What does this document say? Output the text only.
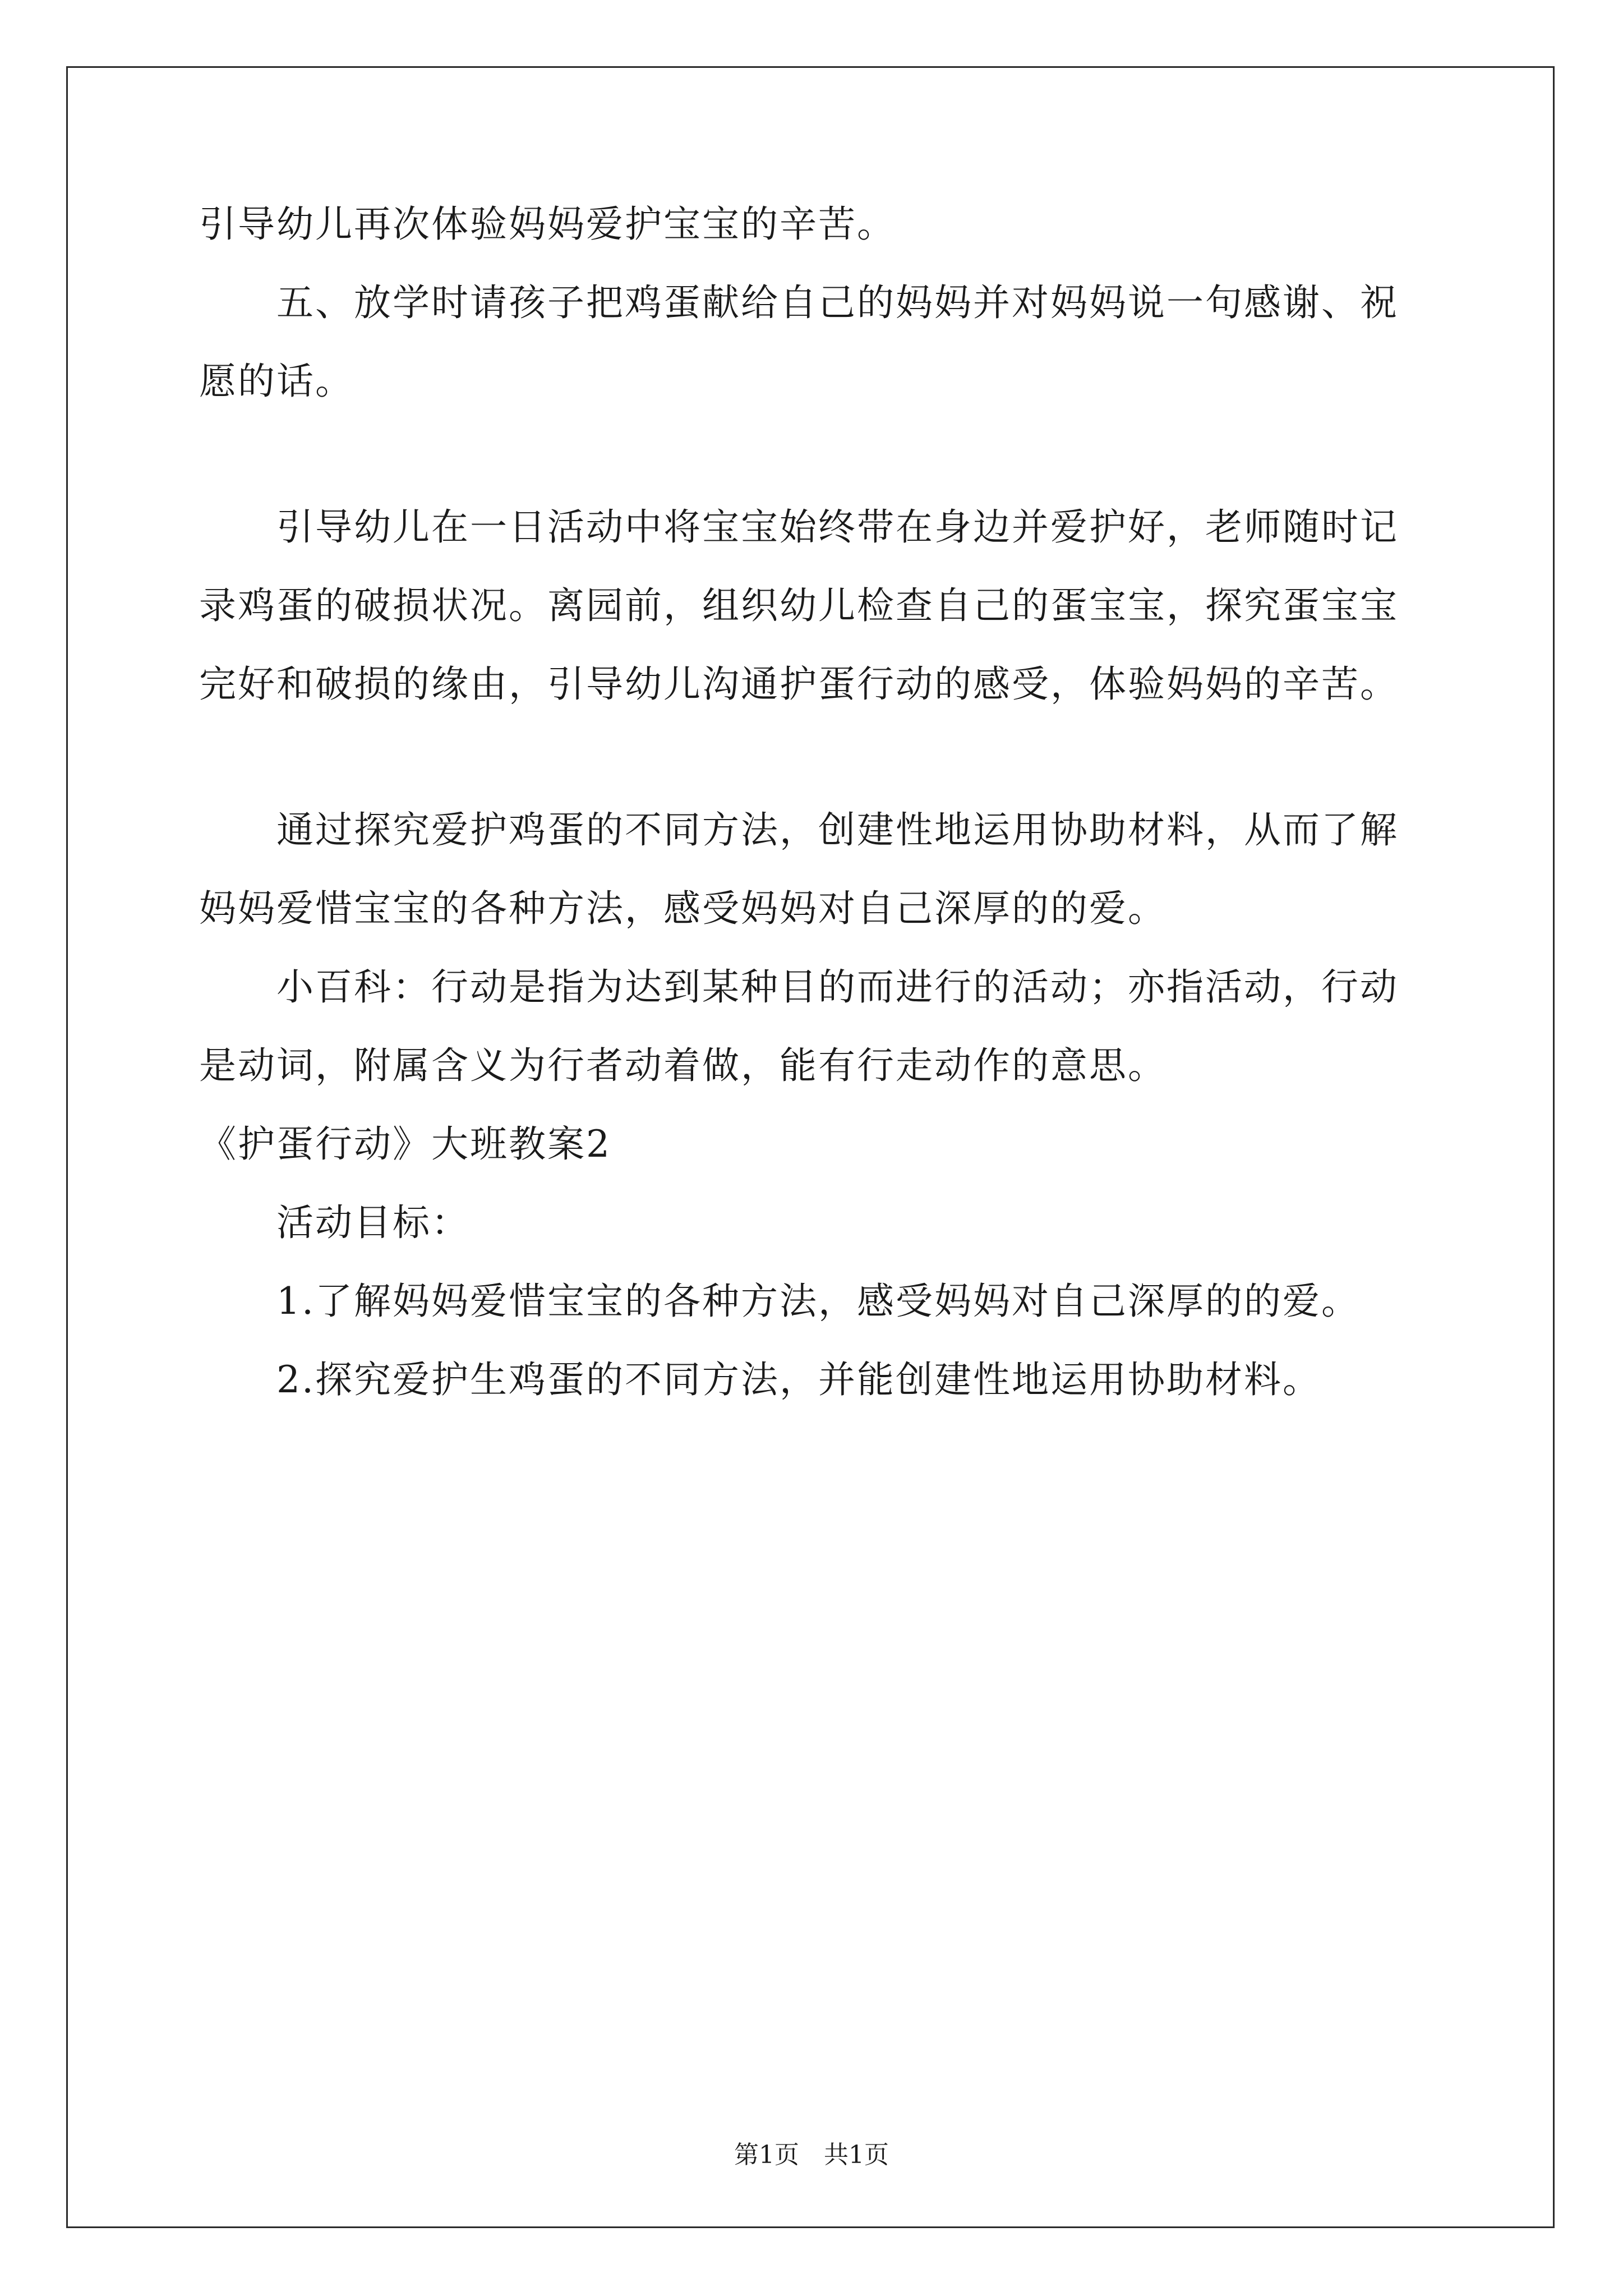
引导幼儿再次体验妈妈爱护宝宝的辛苦。

五、放学时请孩子把鸡蛋献给自己的妈妈并对妈妈说一句感谢、祝愿的话。

引导幼儿在一日活动中将宝宝始终带在身边并爱护好，老师随时记录鸡蛋的破损状况。离园前，组织幼儿检查自己的蛋宝宝，探究蛋宝宝完好和破损的缘由，引导幼儿沟通护蛋行动的感受，体验妈妈的辛苦。

通过探究爱护鸡蛋的不同方法，创建性地运用协助材料，从而了解妈妈爱惜宝宝的各种方法，感受妈妈对自己深厚的的爱。

小百科：行动是指为达到某种目的而进行的活动；亦指活动，行动是动词，附属含义为行者动着做，能有行走动作的意思。

《护蛋行动》大班教案2

活动目标：

1.了解妈妈爱惜宝宝的各种方法，感受妈妈对自己深厚的的爱。

2.探究爱护生鸡蛋的不同方法，并能创建性地运用协助材料。

第1页　共1页
